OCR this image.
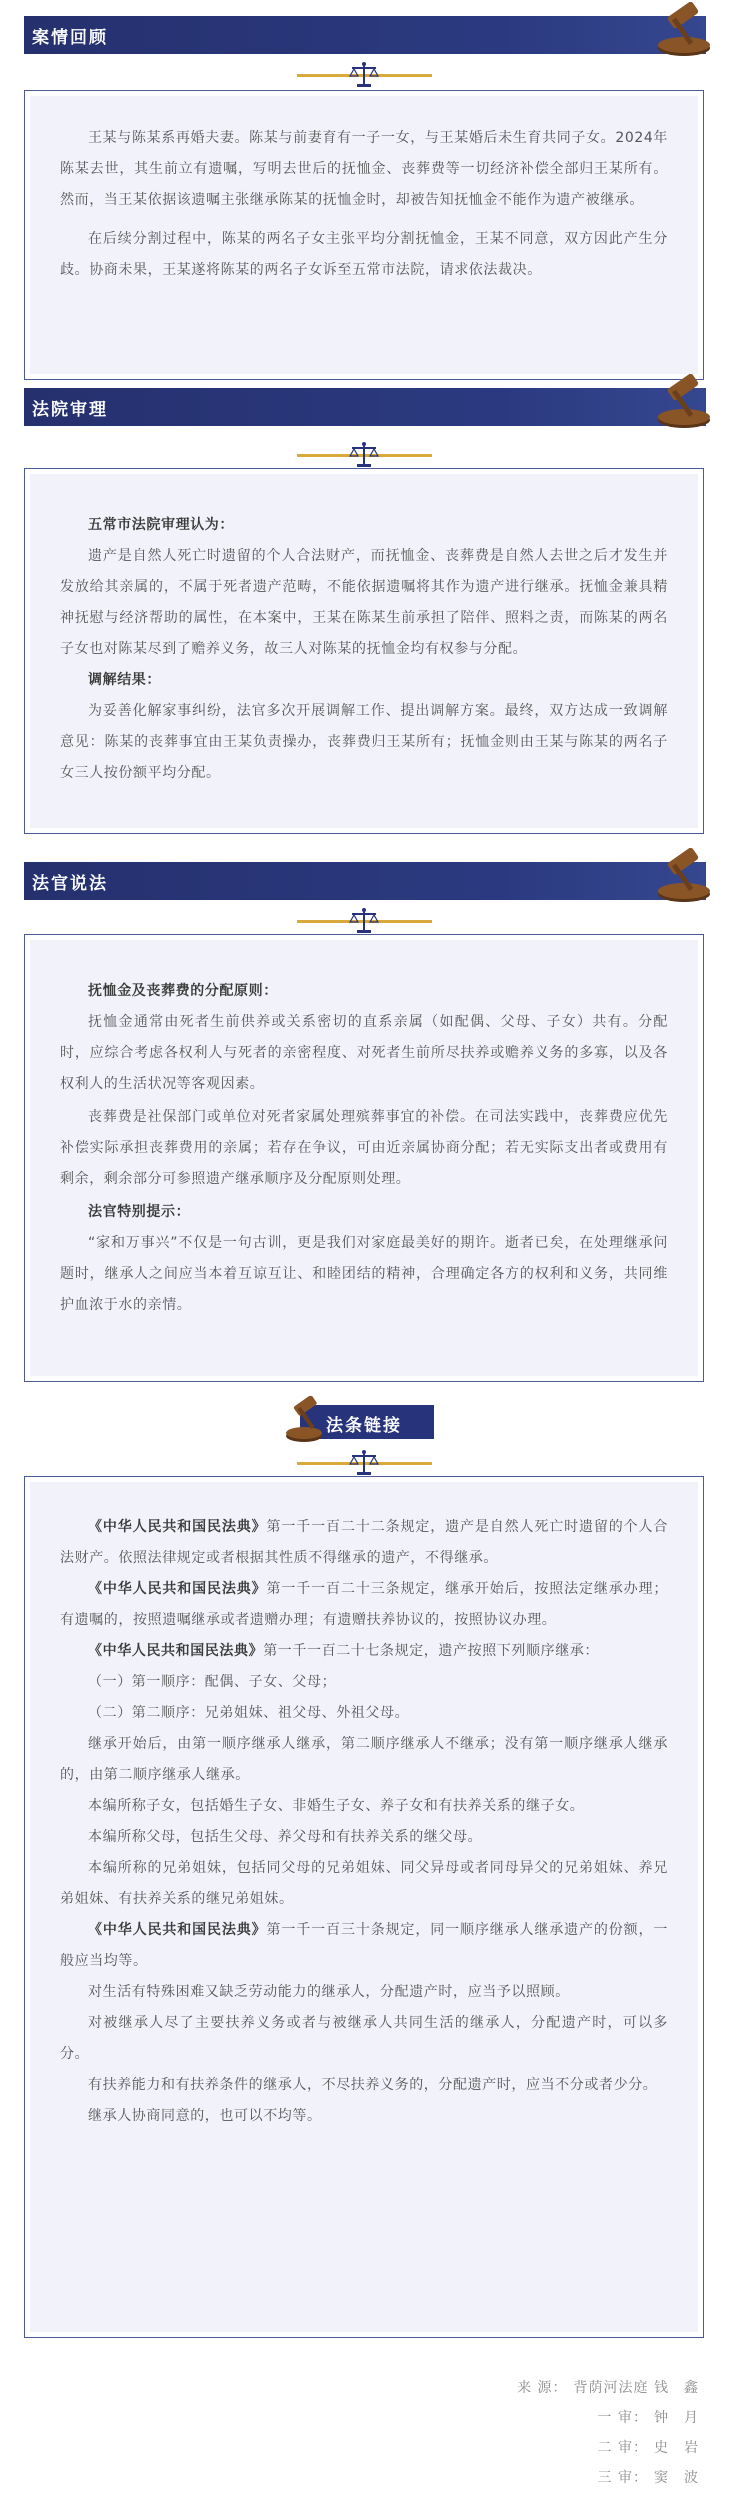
案情回顾

王某与陈某系再婚夫妻。陈某与前妻育有一子一女，与王某婚后未生育共同子女。2024年陈某去世，其生前立有遗嘱，写明去世后的抚恤金、丧葬费等一切经济补偿全部归王某所有。然而，当王某依据该遗嘱主张继承陈某的抚恤金时，却被告知抚恤金不能作为遗产被继承。

在后续分割过程中，陈某的两名子女主张平均分割抚恤金，王某不同意，双方因此产生分歧。协商未果，王某遂将陈某的两名子女诉至五常市法院，请求依法裁决。

法院审理

五常市法院审理认为：

遗产是自然人死亡时遗留的个人合法财产，而抚恤金、丧葬费是自然人去世之后才发生并发放给其亲属的，不属于死者遗产范畴，不能依据遗嘱将其作为遗产进行继承。抚恤金兼具精神抚慰与经济帮助的属性，在本案中，王某在陈某生前承担了陪伴、照料之责，而陈某的两名子女也对陈某尽到了赡养义务，故三人对陈某的抚恤金均有权参与分配。

调解结果：

为妥善化解家事纠纷，法官多次开展调解工作、提出调解方案。最终，双方达成一致调解意见：陈某的丧葬事宜由王某负责操办，丧葬费归王某所有；抚恤金则由王某与陈某的两名子女三人按份额平均分配。

法官说法

抚恤金及丧葬费的分配原则：

抚恤金通常由死者生前供养或关系密切的直系亲属（如配偶、父母、子女）共有。分配时，应综合考虑各权利人与死者的亲密程度、对死者生前所尽扶养或赡养义务的多寡，以及各权利人的生活状况等客观因素。

丧葬费是社保部门或单位对死者家属处理殡葬事宜的补偿。在司法实践中，丧葬费应优先补偿实际承担丧葬费用的亲属；若存在争议，可由近亲属协商分配；若无实际支出者或费用有剩余，剩余部分可参照遗产继承顺序及分配原则处理。

法官特别提示：

“家和万事兴”不仅是一句古训，更是我们对家庭最美好的期许。逝者已矣，在处理继承问题时，继承人之间应当本着互谅互让、和睦团结的精神，合理确定各方的权利和义务，共同维护血浓于水的亲情。

法条链接

《中华人民共和国民法典》第一千一百二十二条规定，遗产是自然人死亡时遗留的个人合法财产。依照法律规定或者根据其性质不得继承的遗产，不得继承。

《中华人民共和国民法典》第一千一百二十三条规定，继承开始后，按照法定继承办理；有遗嘱的，按照遗嘱继承或者遗赠办理；有遗赠扶养协议的，按照协议办理。

《中华人民共和国民法典》第一千一百二十七条规定，遗产按照下列顺序继承：

（一）第一顺序：配偶、子女、父母；

（二）第二顺序：兄弟姐妹、祖父母、外祖父母。

继承开始后，由第一顺序继承人继承，第二顺序继承人不继承；没有第一顺序继承人继承的，由第二顺序继承人继承。

本编所称子女，包括婚生子女、非婚生子女、养子女和有扶养关系的继子女。

本编所称父母，包括生父母、养父母和有扶养关系的继父母。

本编所称的兄弟姐妹，包括同父母的兄弟姐妹、同父异母或者同母异父的兄弟姐妹、养兄弟姐妹、有扶养关系的继兄弟姐妹。

《中华人民共和国民法典》第一千一百三十条规定，同一顺序继承人继承遗产的份额，一般应当均等。

对生活有特殊困难又缺乏劳动能力的继承人，分配遗产时，应当予以照顾。

对被继承人尽了主要扶养义务或者与被继承人共同生活的继承人，分配遗产时，可以多分。

有扶养能力和有扶养条件的继承人，不尽扶养义务的，分配遗产时，应当不分或者少分。

继承人协商同意的，也可以不均等。

来 源： 背荫河法庭 钱　鑫
一 审： 钟　月
二 审： 史　岩
三 审： 窦　波
